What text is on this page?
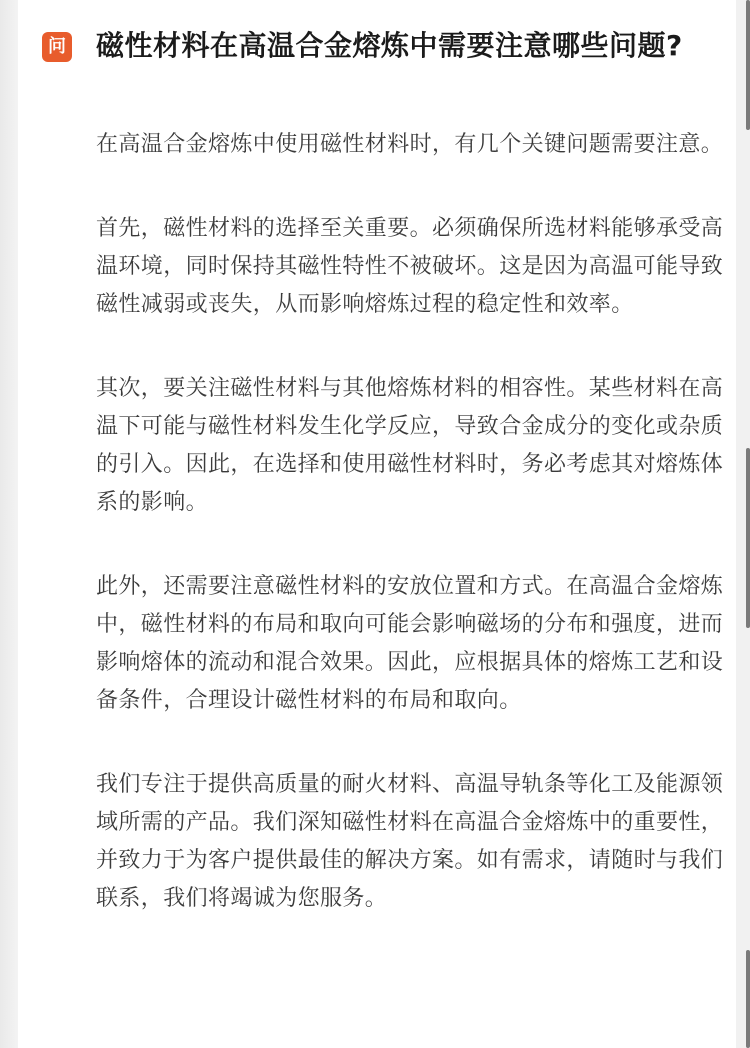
问 磁性材料在高温合金熔炼中需要注意哪些问题?

在高温合金熔炼中使用磁性材料时，有几个关键问题需要注意。

首先，磁性材料的选择至关重要。必须确保所选材料能够承受高温环境，同时保持其磁性特性不被破坏。这是因为高温可能导致磁性减弱或丧失，从而影响熔炼过程的稳定性和效率。

其次，要关注磁性材料与其他熔炼材料的相容性。某些材料在高温下可能与磁性材料发生化学反应，导致合金成分的变化或杂质的引入。因此，在选择和使用磁性材料时，务必考虑其对熔炼体系的影响。

此外，还需要注意磁性材料的安放位置和方式。在高温合金熔炼中，磁性材料的布局和取向可能会影响磁场的分布和强度，进而影响熔体的流动和混合效果。因此，应根据具体的熔炼工艺和设备条件，合理设计磁性材料的布局和取向。

我们专注于提供高质量的耐火材料、高温导轨条等化工及能源领域所需的产品。我们深知磁性材料在高温合金熔炼中的重要性，并致力于为客户提供最佳的解决方案。如有需求，请随时与我们联系，我们将竭诚为您服务。
